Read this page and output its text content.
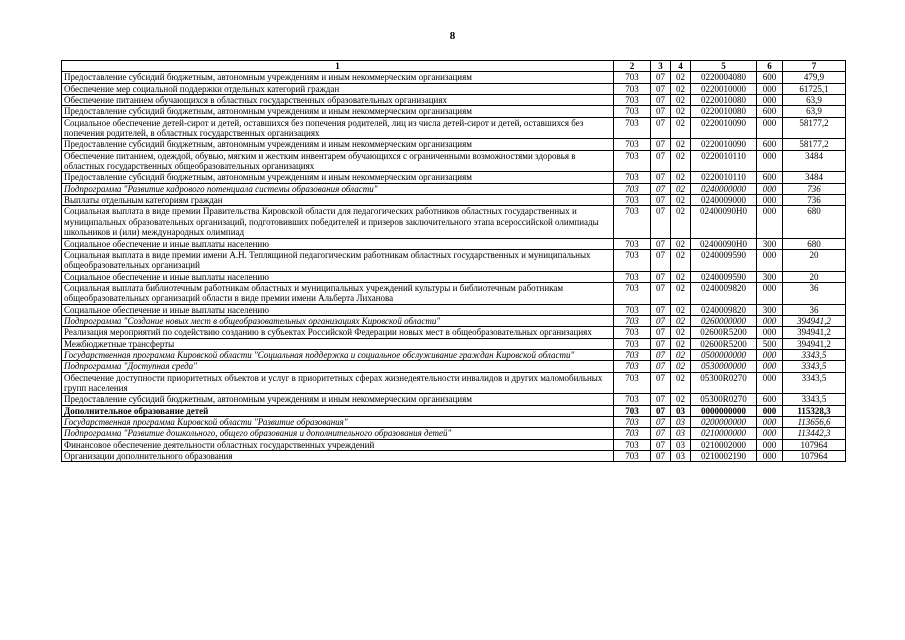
8
1	2	3	4	5	6	7
Предоставление субсидий бюджетным, автономным учреждениям и иным некоммерческим организациям	703	07	02	0220004080	600	479,9
Обеспечение мер социальной поддержки отдельных категорий граждан	703	07	02	0220010000	000	61725,1
Обеспечение питанием обучающихся в областных государственных образовательных организациях	703	07	02	0220010080	000	63,9
Предоставление субсидий бюджетным, автономным учреждениям и иным некоммерческим организациям	703	07	02	0220010080	600	63,9
Социальное обеспечение детей-сирот и детей, оставшихся без попечения родителей, лиц из числа детей-сирот и детей, оставшихся без попечения родителей, в областных государственных организациях	703	07	02	0220010090	000	58177,2
Предоставление субсидий бюджетным, автономным учреждениям и иным некоммерческим организациям	703	07	02	0220010090	600	58177,2
Обеспечение питанием, одеждой, обувью, мягким и жестким инвентарем обучающихся с ограниченными возможностями здоровья в областных государственных общеобразовательных организациях	703	07	02	0220010110	000	3484
Предоставление субсидий бюджетным, автономным учреждениям и иным некоммерческим организациям	703	07	02	0220010110	600	3484
Подпрограмма "Развитие кадрового потенциала системы образования области"	703	07	02	0240000000	000	736
Выплаты отдельным категориям граждан	703	07	02	0240009000	000	736
Социальная выплата в виде премии Правительства Кировской области для педагогических работников областных государственных и муниципальных образовательных организаций, подготовивших победителей и призеров заключительного этапа всероссийской олимпиады школьников и (или) международных олимпиад	703	07	02	02400090Н0	000	680
Социальное обеспечение и иные выплаты населению	703	07	02	02400090Н0	300	680
Социальная выплата в виде премии имени А.Н. Теплящиной педагогическим работникам областных государственных и муниципальных общеобразовательных организаций	703	07	02	0240009590	000	20
Социальное обеспечение и иные выплаты населению	703	07	02	0240009590	300	20
Социальная выплата библиотечным работникам областных и муниципальных учреждений культуры и библиотечным работникам общеобразовательных организаций области в виде премии имени Альберта Лиханова	703	07	02	0240009820	000	36
Социальное обеспечение и иные выплаты населению	703	07	02	0240009820	300	36
Подпрограмма "Создание новых мест в общеобразовательных организациях Кировской области"	703	07	02	0260000000	000	394941,2
Реализация мероприятий по содействию созданию в субъектах Российской Федерации новых мест в общеобразовательных организациях	703	07	02	02600R5200	000	394941,2
Межбюджетные трансферты	703	07	02	02600R5200	500	394941,2
Государственная программа Кировской области "Социальная поддержка и социальное обслуживание граждан Кировской области"	703	07	02	0500000000	000	3343,5
Подпрограмма "Доступная среда"	703	07	02	0530000000	000	3343,5
Обеспечение доступности приоритетных объектов и услуг в приоритетных сферах жизнедеятельности инвалидов и других маломобильных групп населения	703	07	02	05300R0270	000	3343,5
Предоставление субсидий бюджетным, автономным учреждениям и иным некоммерческим организациям	703	07	02	05300R0270	600	3343,5
Дополнительное образование детей	703	07	03	0000000000	000	115328,3
Государственная программа Кировской области "Развитие образования"	703	07	03	0200000000	000	113656,6
Подпрограмма "Развитие дошкольного, общего образования и дополнительного образования детей"	703	07	03	0210000000	000	113442,3
Финансовое обеспечение деятельности областных государственных учреждений	703	07	03	0210002000	000	107964
Организации дополнительного образования	703	07	03	0210002190	000	107964
